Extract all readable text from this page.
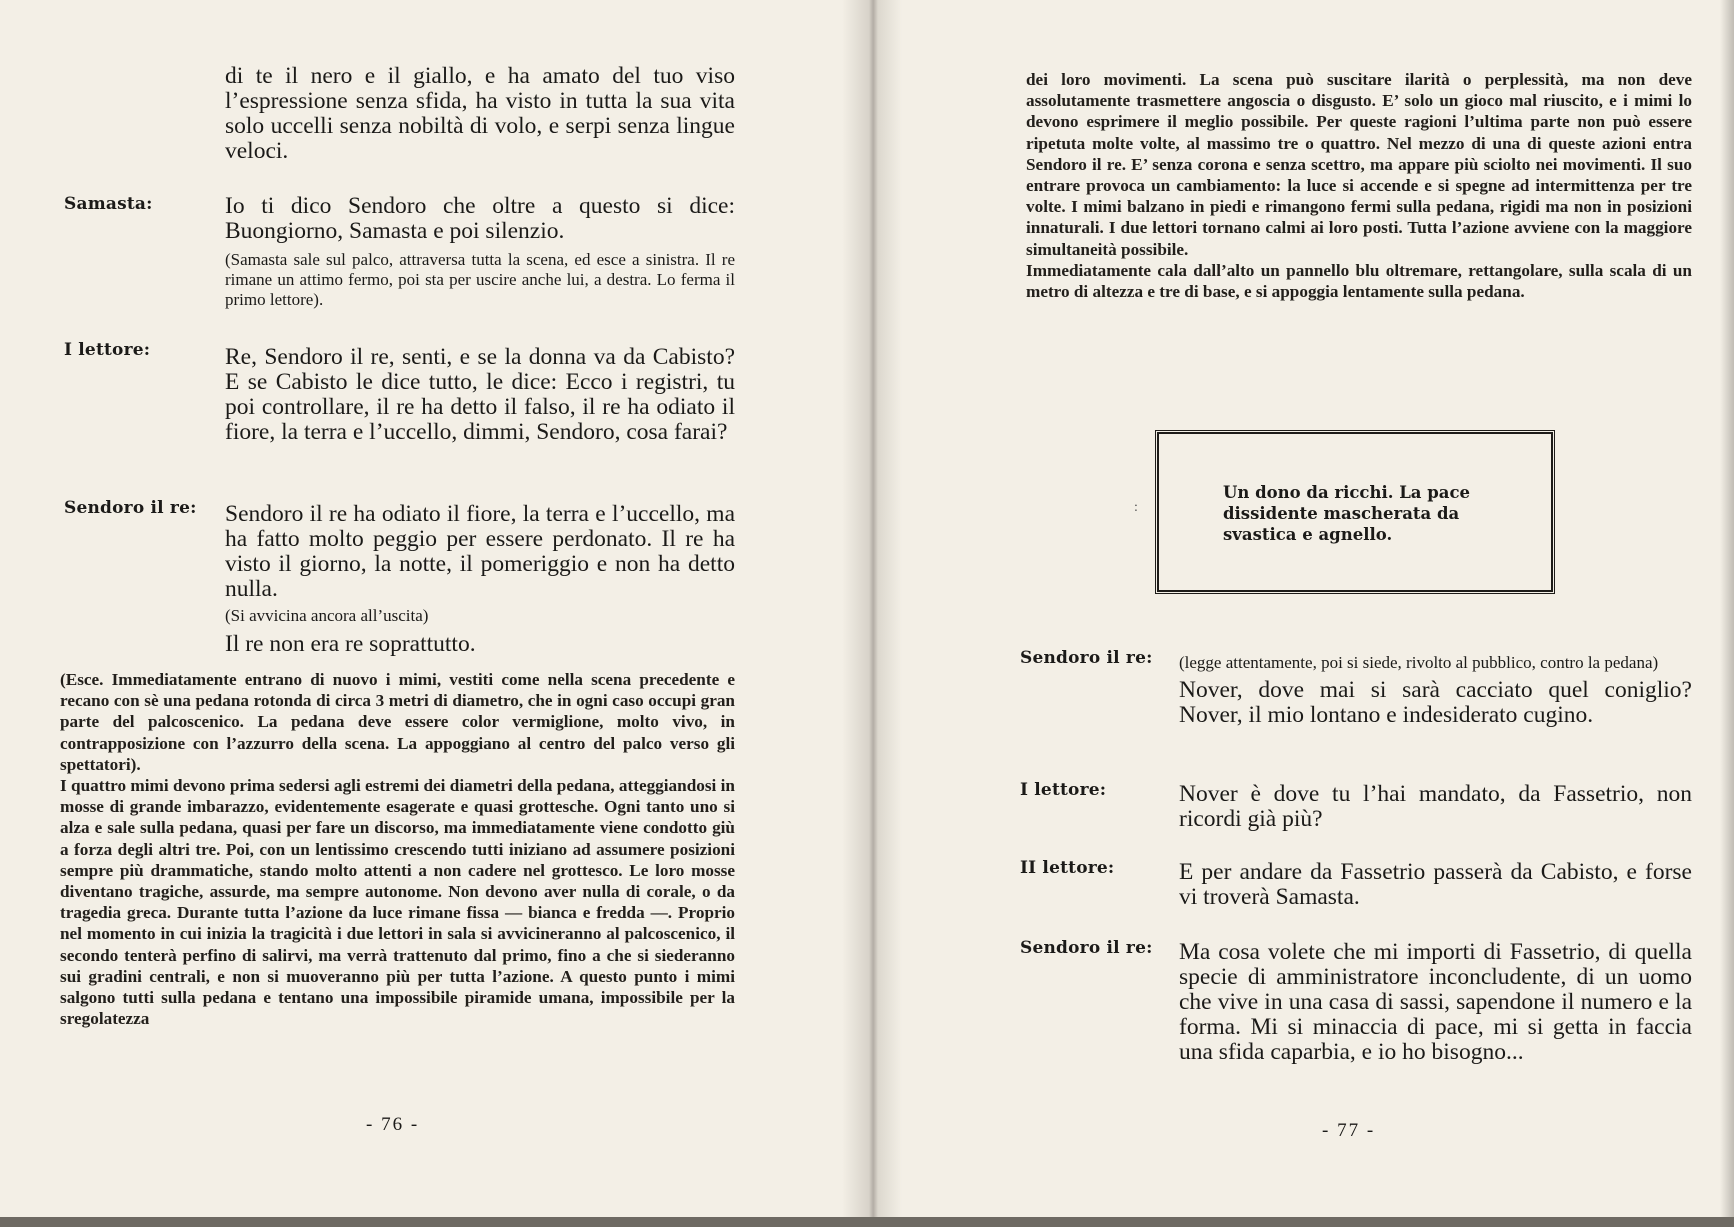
di te il nero e il giallo, e ha amato del tuo viso l’espressione senza sfida, ha visto in tutta la sua vita solo uccelli senza nobiltà di volo, e serpi senza lingue veloci.

Samasta:	Io ti dico Sendoro che oltre a questo si dice: Buongiorno, Samasta e poi silenzio.

(Samasta sale sul palco, attraversa tutta la scena, ed esce a sinistra. Il re rimane un attimo fermo, poi sta per uscire anche lui, a destra. Lo ferma il primo lettore).

I lettore:	Re, Sendoro il re, senti, e se la donna va da Cabisto? E se Cabisto le dice tutto, le dice: Ecco i registri, tu poi controllare, il re ha detto il falso, il re ha odiato il fiore, la terra e l’uccello, dimmi, Sendoro, cosa farai?

Sendoro il re: Sendoro il re ha odiato il fiore, la terra e l’uccello, ma ha fatto molto peggio per essere perdonato. Il re ha visto il giorno, la notte, il pomeriggio e non ha detto nulla.

(Si avvicina ancora all’uscita)

Il re non era re soprattutto.

(Esce. Immediatamente entrano di nuovo i mimi, vestiti come nella scena precedente e recano con sè una pedana rotonda di circa 3 metri di diametro, che in ogni caso occupi gran parte del palcoscenico. La pedana deve essere color vermiglione, molto vivo, in contrapposizione con l’azzurro della scena. La appoggiano al centro del palco verso gli spettatori).

I quattro mimi devono prima sedersi agli estremi dei diametri della pedana, atteggiandosi in mosse di grande imbarazzo, evidentemente esagerate e quasi grottesche. Ogni tanto uno si alza e sale sulla pedana, quasi per fare un discorso, ma immediatamente viene condotto giù a forza degli altri tre. Poi, con un lentissimo crescendo tutti iniziano ad assumere posizioni sempre più drammatiche, stando molto attenti a non cadere nel grottesco. Le loro mosse diventano tragiche, assurde, ma sempre autonome. Non devono aver nulla di corale, o da tragedia greca. Durante tutta l’azione da luce rimane fissa — bianca e fredda —. Proprio nel momento in cui inizia la tragicità i due lettori in sala si avvicineranno al palcoscenico, il secondo tenterà perfino di salirvi, ma verrà trattenuto dal primo, fino a che si siederanno sui gradini centrali, e non si muoveranno più per tutta l’azione. A questo punto i mimi salgono tutti sulla pedana e tentano una impossibile piramide umana, impossibile per la sregolatezza

- 76 -

dei loro movimenti. La scena può suscitare ilarità o perplessità, ma non deve assolutamente trasmettere angoscia o disgusto. E’ solo un gioco mal riuscito, e i mimi lo devono esprimere il meglio possibile. Per queste ragioni l’ultima parte non può essere ripetuta molte volte, al massimo tre o quattro. Nel mezzo di una di queste azioni entra Sendoro il re. E’ senza corona e senza scettro, ma appare più sciolto nei movimenti. Il suo entrare provoca un cambiamento: la luce si accende e si spegne ad intermittenza per tre volte. I mimi balzano in piedi e rimangono fermi sulla pedana, rigidi ma non in posizioni innaturali. I due lettori tornano calmi ai loro posti. Tutta l’azione avviene con la maggiore simultaneità possibile.

Immediatamente cala dall’alto un pannello blu oltremare, rettangolare, sulla scala di un metro di altezza e tre di base, e si appoggia lentamente sulla pedana.

Un dono da ricchi. La pace dissidente mascherata da svastica e agnello.
:
Sendoro il re: (legge attentamente, poi si siede, rivolto al pubblico, contro la pedana)

Nover, dove mai si sarà cacciato quel coniglio? Nover, il mio lontano e indesiderato cugino.

I lettore:	Nover è dove tu l’hai mandato, da Fassetrio, non ricordi già più?

II lettore:	E per andare da Fassetrio passerà da Cabisto, e forse vi troverà Samasta.

Sendoro il re: Ma cosa volete che mi importi di Fassetrio, di quella specie di amministratore inconcludente, di un uomo che vive in una casa di sassi, sapendone il numero e la forma. Mi si minaccia di pace, mi si getta in faccia una sfida caparbia, e io ho bisogno...

- 77 -
